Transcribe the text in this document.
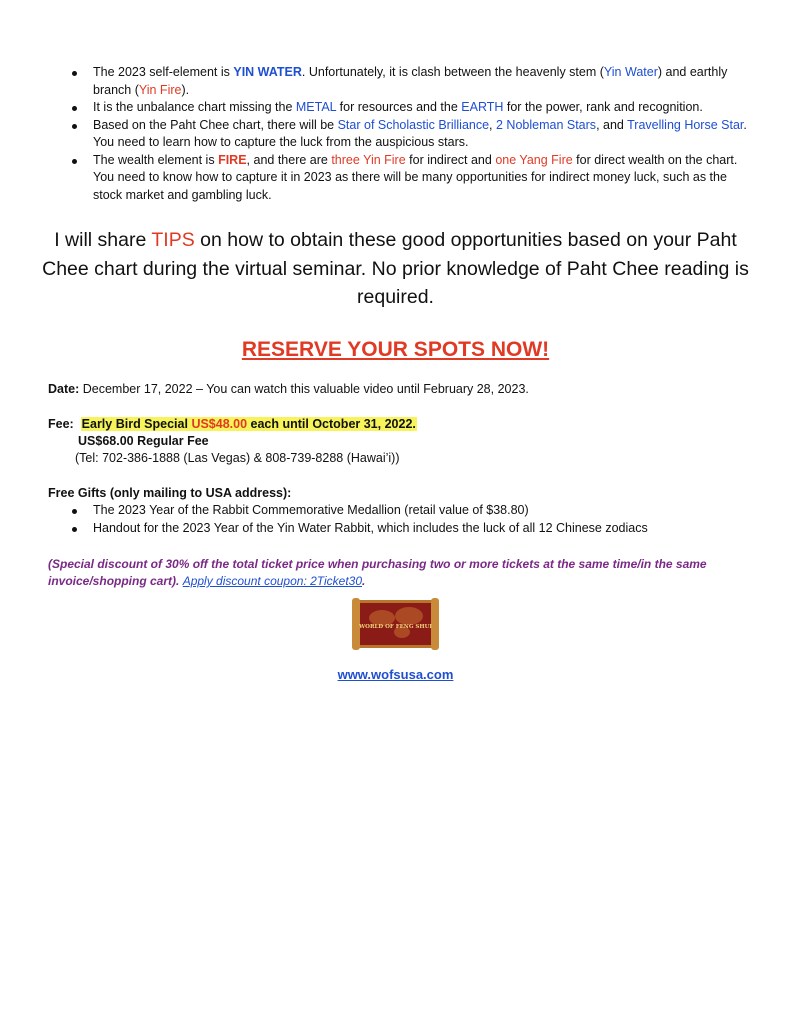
The 2023 self-element is YIN WATER. Unfortunately, it is clash between the heavenly stem (Yin Water) and earthly branch (Yin Fire).
It is the unbalance chart missing the METAL for resources and the EARTH for the power, rank and recognition.
Based on the Paht Chee chart, there will be Star of Scholastic Brilliance, 2 Nobleman Stars, and Travelling Horse Star. You need to learn how to capture the luck from the auspicious stars.
The wealth element is FIRE, and there are three Yin Fire for indirect and one Yang Fire for direct wealth on the chart. You need to know how to capture it in 2023 as there will be many opportunities for indirect money luck, such as the stock market and gambling luck.
I will share TIPS on how to obtain these good opportunities based on your Paht Chee chart during the virtual seminar. No prior knowledge of Paht Chee reading is required.
RESERVE YOUR SPOTS NOW!
Date: December 17, 2022 – You can watch this valuable video until February 28, 2023.
Fee: Early Bird Special US$48.00 each until October 31, 2022.
US$68.00 Regular Fee
(Tel: 702-386-1888 (Las Vegas) & 808-739-8288 (Hawai’i))
Free Gifts (only mailing to USA address):
The 2023 Year of the Rabbit Commemorative Medallion (retail value of $38.80)
Handout for the 2023 Year of the Yin Water Rabbit, which includes the luck of all 12 Chinese zodiacs
(Special discount of 30% off the total ticket price when purchasing two or more tickets at the same time/in the same invoice/shopping cart). Apply discount coupon: 2Ticket30.
WORLD OF FENG SHUI
www.wofsusa.com
